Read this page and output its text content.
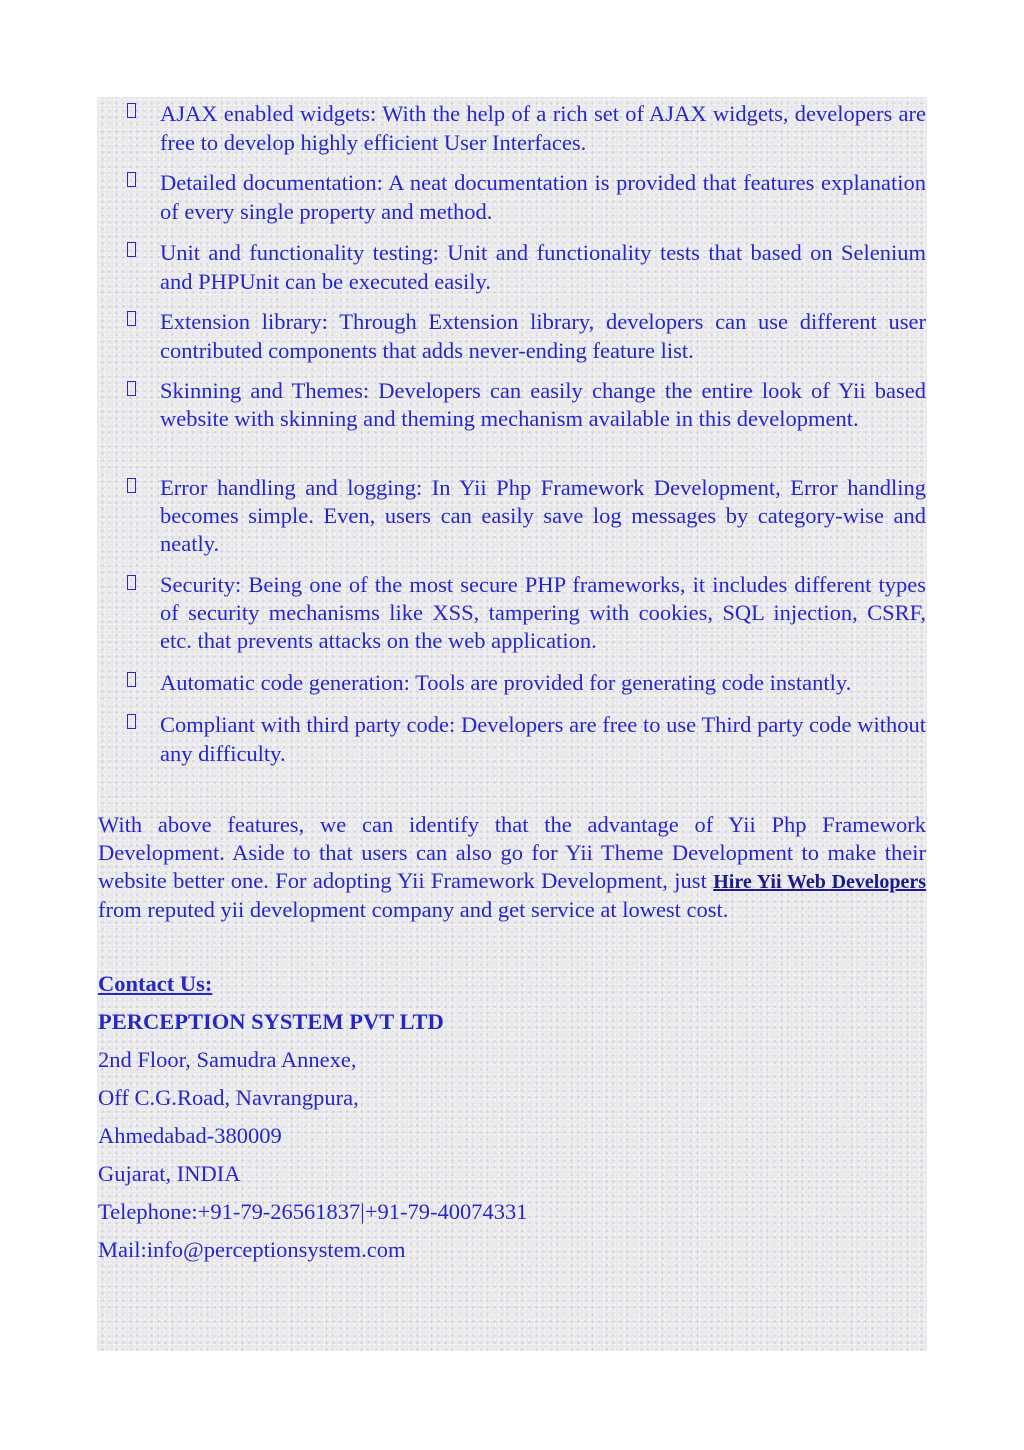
AJAX enabled widgets: With the help of a rich set of AJAX widgets, developers are free to develop highly efficient User Interfaces.
Detailed documentation: A neat documentation is provided that features explanation of every single property and method.
Unit and functionality testing: Unit and functionality tests that based on Selenium and PHPUnit can be executed easily.
Extension library: Through Extension library, developers can use different user contributed components that adds never-ending feature list.
Skinning and Themes: Developers can easily change the entire look of Yii based website with skinning and theming mechanism available in this development.
Error handling and logging: In Yii Php Framework Development, Error handling becomes simple. Even, users can easily save log messages by category-wise and neatly.
Security: Being one of the most secure PHP frameworks, it includes different types of security mechanisms like XSS, tampering with cookies, SQL injection, CSRF, etc. that prevents attacks on the web application.
Automatic code generation: Tools are provided for generating code instantly.
Compliant with third party code: Developers are free to use Third party code without any difficulty.

With above features, we can identify that the advantage of Yii Php Framework Development. Aside to that users can also go for Yii Theme Development to make their website better one. For adopting Yii Framework Development, just Hire Yii Web Developers from reputed yii development company and get service at lowest cost.

Contact Us:
PERCEPTION SYSTEM PVT LTD
2nd Floor, Samudra Annexe,
Off C.G.Road, Navrangpura,
Ahmedabad-380009
Gujarat, INDIA
Telephone:+91-79-26561837|+91-79-40074331
Mail:info@perceptionsystem.com
